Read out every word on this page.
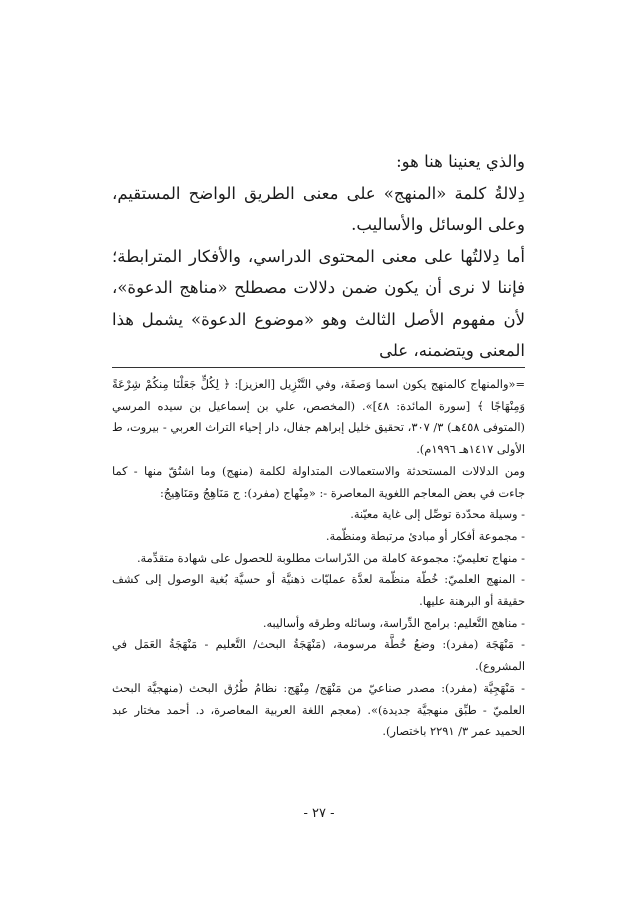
والذي يعنينا هنا هو:

دِلالةُ كلمة «المنهج» على معنى الطريق الواضح المستقيم، وعلى الوسائل والأساليب.

أما دِلالتُها على معنى المحتوى الدراسي، والأفكار المترابطة؛ فإننا لا نرى أن يكون ضمن دلالات مصطلح «مناهج الدعوة»، لأن مفهوم الأصل الثالث وهو «موضوع الدعوة» يشمل هذا المعنى ويتضمنه، على

=«والمنهاج كالمنهج يكون اسما وَصفَة، وفي التَّنْزِيل [العزيز]: ﴿ لِكُلٍّ جَعَلْنَا مِنكُمْ شِرْعَةً وَمِنْهَاجًا ﴾ [سورة المائدة: ٤٨]». (المخصص، علي بن إسماعيل بن سيده المرسي (المتوفى ٤٥٨هـ) ٣/ ٣٠٧، تحقيق خليل إبراهم جفال، دار إحياء التراث العربي - بيروت، ط الأولى ١٤١٧هـ ١٩٩٦م).

ومن الدلالات المستحدثة والاستعمالات المتداولة لكلمة (منهج) وما اشتُقّ منها - كما جاءت في بعض المعاجم اللغوية المعاصرة -: «مِنْهاج (مفرد): ج مَنَاهِجُ ومَنَاهِيجُ:

- وسيلة محدّدة توصِّل إلى غاية معيّنة.

- مجموعة أفكار أو مبادئ مرتبطة ومنظّمة.

- منهاج تعليميّ: مجموعة كاملة من الدّراسات مطلوبة للحصول على شهادة متقدِّمة.

- المنهج العلميّ: خُطّة منظّمة لعدَّة عمليّات ذهنيَّة أو حسيَّة بُغية الوصول إلى كشف حقيقة أو البرهنة عليها.

- مناهج التَّعليم: برامج الدِّراسة، وسائله وطرقه وأساليبه.

- مَنْهَجَة (مفرد): وضعُ خُطَّة مرسومة، (مَنْهَجَةُ البحث/ التَّعليم - مَنْهَجَةُ العَمَل في المشروع).

- مَنْهَجِيَّة (مفرد): مصدر صناعيّ من مَنْهَج/ مِنْهَج: نظامُ طُرُق البحث (منهجيَّة البحث العلميّ - طبِّق منهجيَّة جديدة)». (معجم اللغة العربية المعاصرة، د. أحمد مختار عبد الحميد عمر ٣/ ٢٢٩١ باختصار).

- ٢٧ -
